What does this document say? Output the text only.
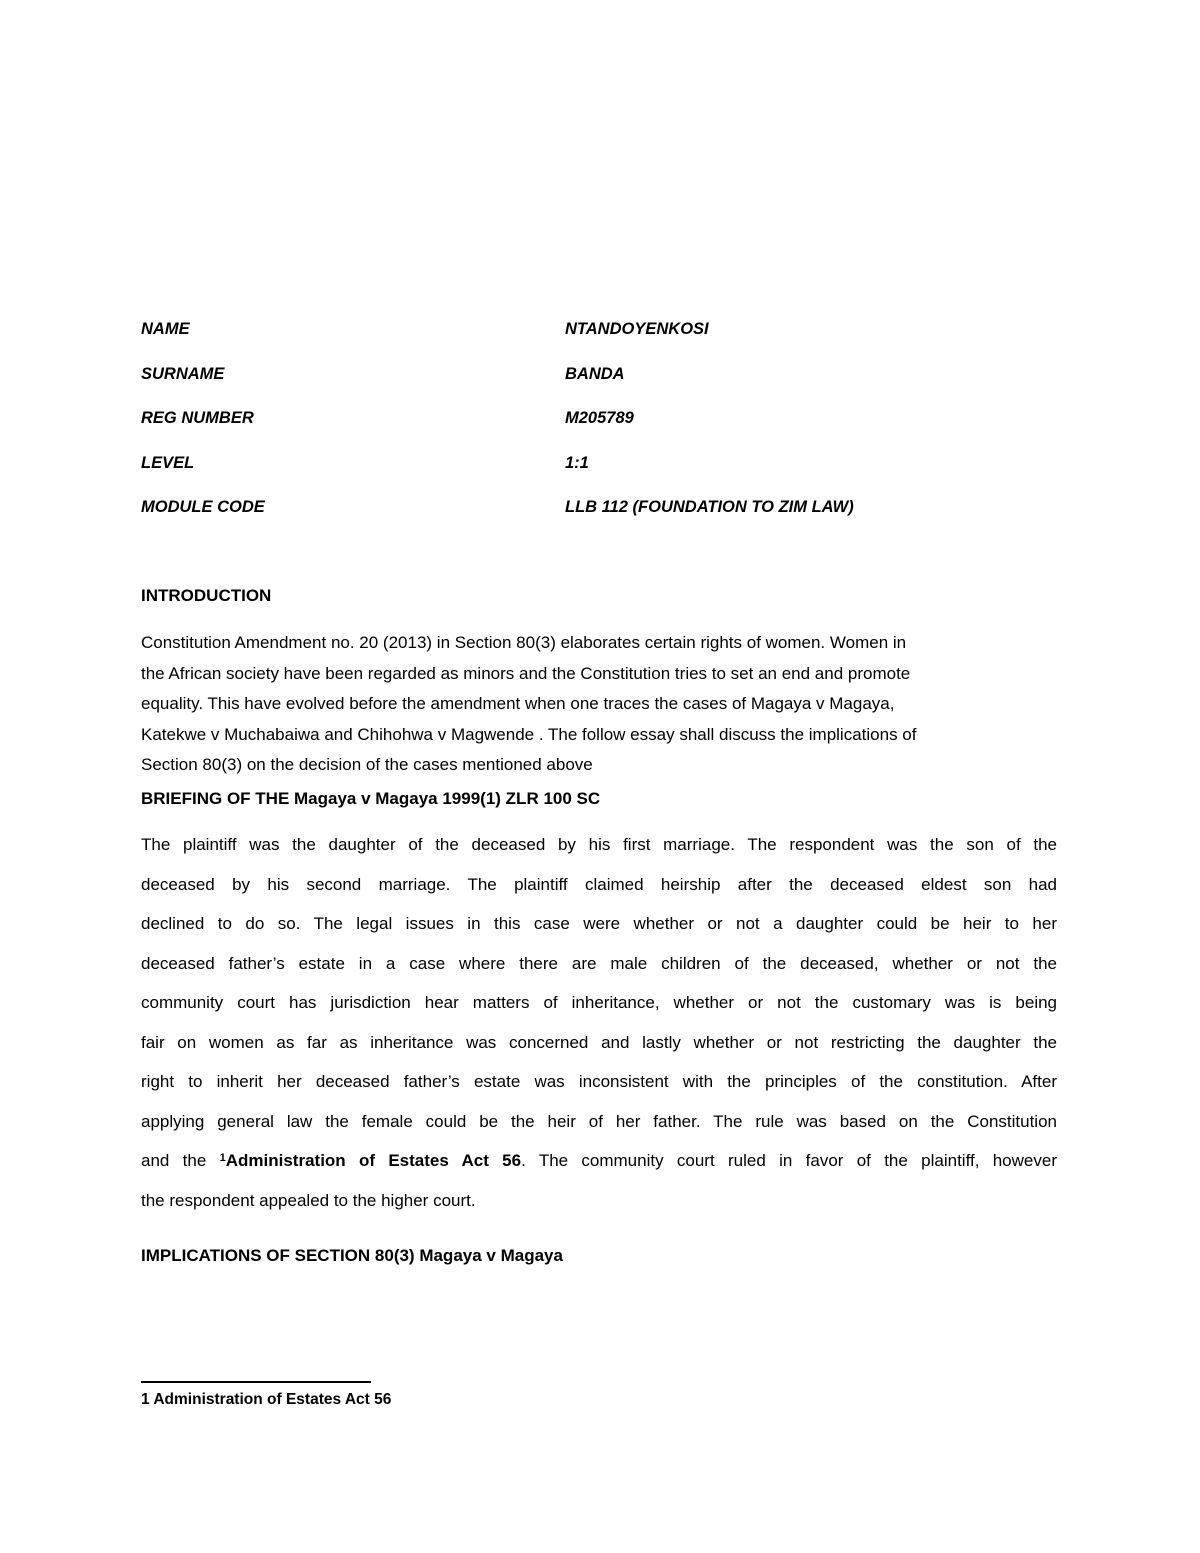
NAME	NTANDOYENKOSI
SURNAME	BANDA
REG NUMBER	M205789
LEVEL	1:1
MODULE CODE	LLB 112 (FOUNDATION TO ZIM LAW)
INTRODUCTION

Constitution Amendment no. 20 (2013) in Section 80(3) elaborates certain rights of women. Women in
the African society have been regarded as minors and the Constitution tries to set an end and promote
equality. This have evolved before the amendment when one traces the cases of Magaya v Magaya,
Katekwe v Muchabaiwa and Chihohwa v Magwende . The follow essay shall discuss the implications of
Section 80(3) on the decision of the cases mentioned above

BRIEFING OF THE Magaya v Magaya 1999(1) ZLR 100 SC

The plaintiff was the daughter of the deceased by his first marriage. The respondent was the son of the
deceased by his second marriage. The plaintiff claimed heirship after the deceased eldest son had
declined to do so. The legal issues in this case were whether or not a daughter could be heir to her
deceased father’s estate in a case where there are male children of the deceased, whether or not the
community court has jurisdiction hear matters of inheritance, whether or not the customary was is being
fair on women as far as inheritance was concerned and lastly whether or not restricting the daughter the
right to inherit her deceased father’s estate was inconsistent with the principles of the constitution. After
applying general law the female could be the heir of her father. The rule was based on the Constitution
and the $^1$Administration of Estates Act 56. The community court ruled in favor of the plaintiff, however
the respondent appealed to the higher court.

IMPLICATIONS OF SECTION 80(3) Magaya v Magaya
1 Administration of Estates Act 56
